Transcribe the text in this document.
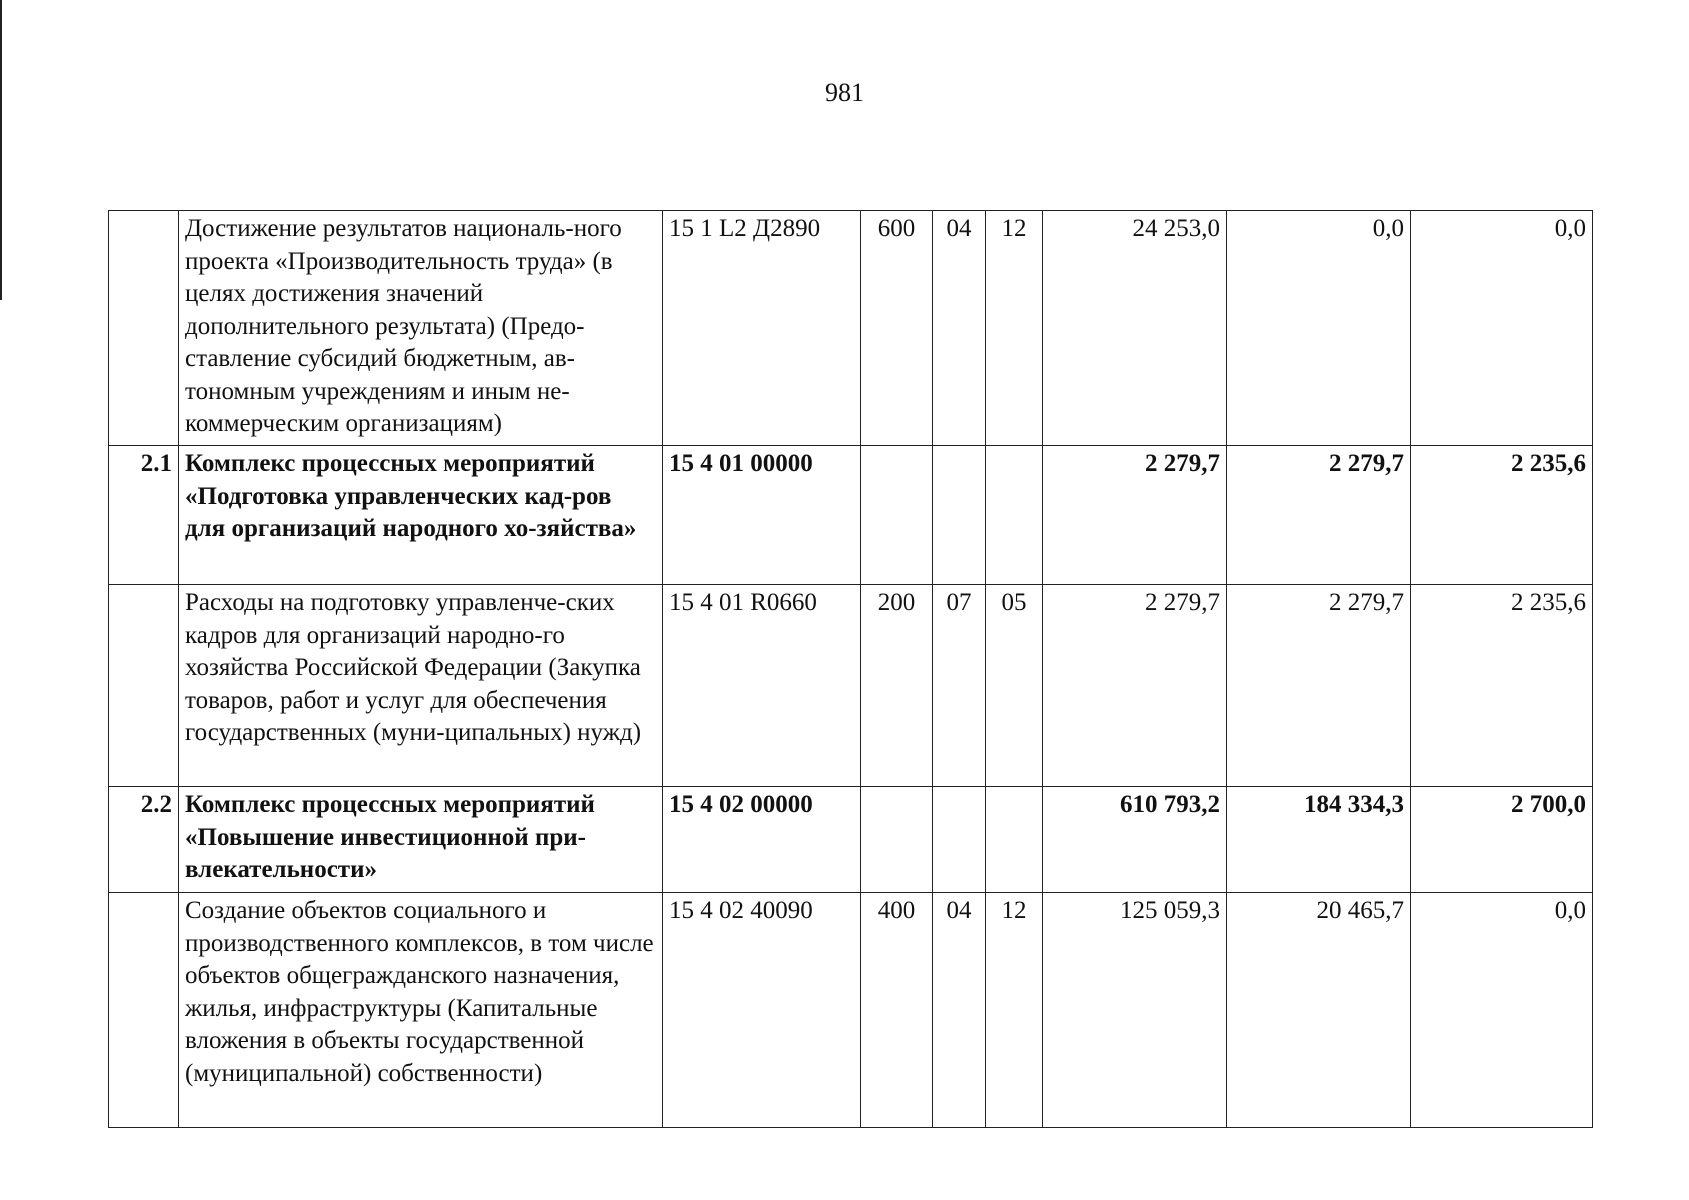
981
	Достижение результатов националь-ного проекта «Производительность труда» (в целях достижения значений дополнительного результата) (Предо-ставление субсидий бюджетным, ав-тономным учреждениям и иным не-коммерческим организациям)	15 1 L2 Д2890	600	04	12	24 253,0	0,0	0,0
2.1	Комплекс процессных мероприятий «Подготовка управленческих кад-ров для организаций народного хо-зяйства»	15 4 01 00000				2 279,7	2 279,7	2 235,6
	Расходы на подготовку управленче-ских кадров для организаций народно-го хозяйства Российской Федерации (Закупка товаров, работ и услуг для обеспечения государственных (муни-ципальных) нужд)	15 4 01 R0660	200	07	05	2 279,7	2 279,7	2 235,6
2.2	Комплекс процессных мероприятий «Повышение инвестиционной при-влекательности»	15 4 02 00000				610 793,2	184 334,3	2 700,0
	Создание объектов социального и производственного комплексов, в том числе объектов общегражданского назначения, жилья, инфраструктуры (Капитальные вложения в объекты государственной (муниципальной) собственности)	15 4 02 40090	400	04	12	125 059,3	20 465,7	0,0
